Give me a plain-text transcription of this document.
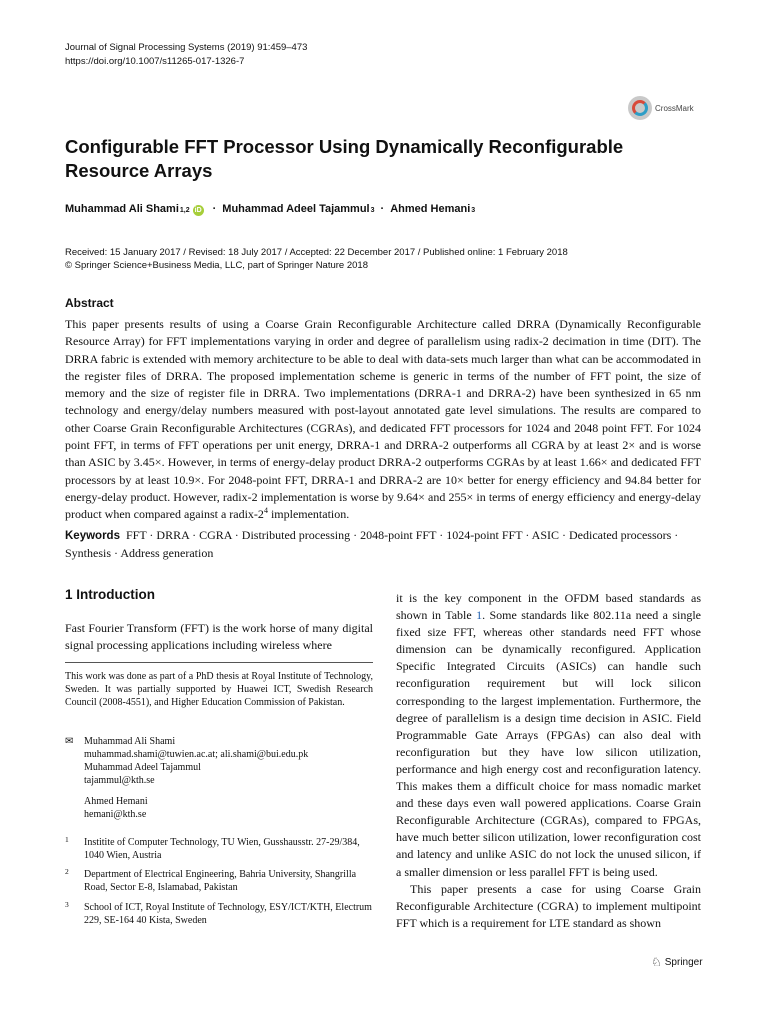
Journal of Signal Processing Systems (2019) 91:459–473
https://doi.org/10.1007/s11265-017-1326-7
CrossMark
Configurable FFT Processor Using Dynamically Reconfigurable Resource Arrays
Muhammad Ali Shami 1,2 iD · Muhammad Adeel Tajammul 3 · Ahmed Hemani 3
Received: 15 January 2017 / Revised: 18 July 2017 / Accepted: 22 December 2017 / Published online: 1 February 2018
© Springer Science+Business Media, LLC, part of Springer Nature 2018
Abstract

This paper presents results of using a Coarse Grain Reconfigurable Architecture called DRRA (Dynamically Reconfigurable Resource Array) for FFT implementations varying in order and degree of parallelism using radix-2 decimation in time (DIT). The DRRA fabric is extended with memory architecture to be able to deal with data-sets much larger than what can be accommodated in the register files of DRRA. The proposed implementation scheme is generic in terms of the number of FFT point, the size of memory and the size of register file in DRRA. Two implementations (DRRA-1 and DRRA-2) have been synthesized in 65 nm technology and energy/delay numbers measured with post-layout annotated gate level simulations. The results are compared to other Coarse Grain Reconfigurable Architectures (CGRAs), and dedicated FFT processors for 1024 and 2048 point FFT. For 1024 point FFT, in terms of FFT operations per unit energy, DRRA-1 and DRRA-2 outperforms all CGRA by at least 2× and is worse than ASIC by 3.45×. However, in terms of energy-delay product DRRA-2 outperforms CGRAs by at least 1.66× and dedicated FFT processors by at least 10.9×. For 2048-point FFT, DRRA-1 and DRRA-2 are 10× better for energy efficiency and 94.84 better for energy-delay product. However, radix-2 implementation is worse by 9.64× and 255× in terms of energy efficiency and energy-delay product when compared against a radix-$2^4$ implementation.

Keywords FFT · DRRA · CGRA · Distributed processing · 2048-point FFT · 1024-point FFT · ASIC · Dedicated processors · Synthesis · Address generation

1 Introduction

Fast Fourier Transform (FFT) is the work horse of many digital signal processing applications including wireless where

This work was done as part of a PhD thesis at Royal Institute of Technology, Sweden. It was partially supported by Huawei ICT, Swedish Research Council (2008-4551), and Higher Education Commission of Pakistan.

✉ Muhammad Ali Shami
muhammad.shami@tuwien.ac.at; ali.shami@bui.edu.pk
Muhammad Adeel Tajammul
tajammul@kth.se
Ahmed Hemani
hemani@kth.se
1 Institite of Computer Technology, TU Wien, Gusshausstr. 27-29/384, 1040 Wien, Austria
2 Department of Electrical Engineering, Bahria University, Shangrilla Road, Sector E-8, Islamabad, Pakistan
3 School of ICT, Royal Institute of Technology, ESY/ICT/KTH, Electrum 229, SE-164 40 Kista, Sweden

it is the key component in the OFDM based standards as shown in Table 1. Some standards like 802.11a need a single fixed size FFT, whereas other standards need FFT whose dimension can be dynamically reconfigured. Application Specific Integrated Circuits (ASICs) can handle such reconfiguration requirement but will lock silicon corresponding to the largest implementation. Furthermore, the degree of parallelism is a design time decision in ASIC. Field Programmable Gate Arrays (FPGAs) can also deal with reconfiguration but they have low silicon utilization, performance and high energy cost and reconfiguration latency. This makes them a difficult choice for mass nomadic market and these days even wall powered applications. Coarse Grain Reconfigurable Architecture (CGRAs), compared to FPGAs, have much better silicon utilization, lower reconfiguration cost and latency and unlike ASIC do not lock the unused silicon, if a smaller dimension or less parallel FFT is being used.

This paper presents a case for using Coarse Grain Reconfigurable Architecture (CGRA) to implement multipoint FFT which is a requirement for LTE standard as shown

♘ Springer
